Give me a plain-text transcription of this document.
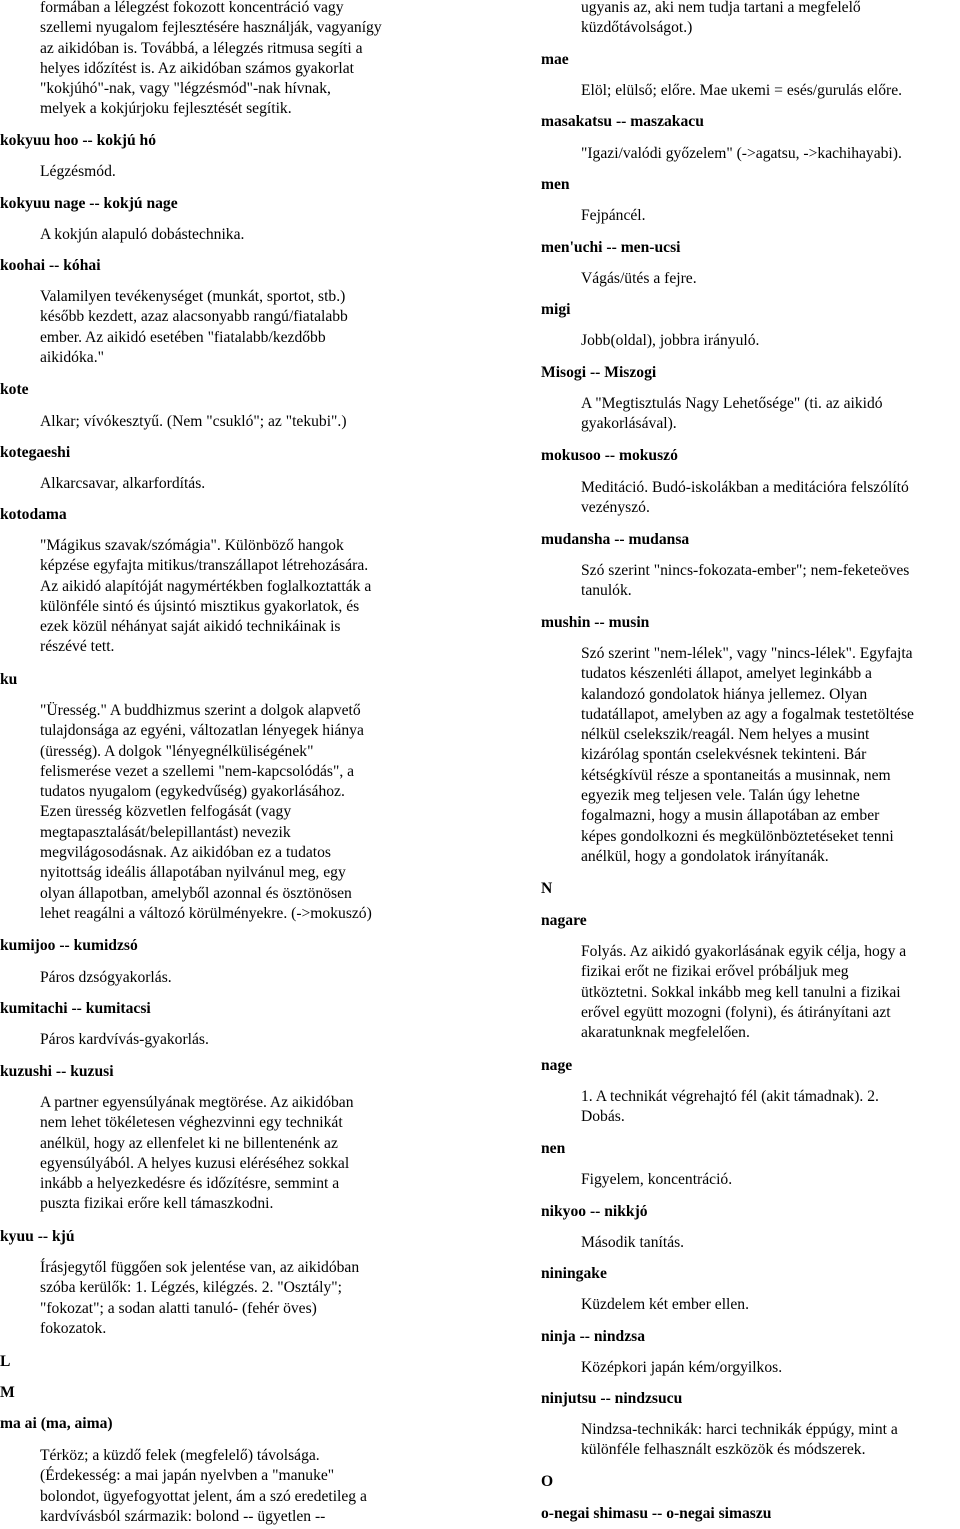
formában a lélegzést fokozott koncentráció vagy
szellemi nyugalom fejlesztésére használják, vagyanígy
az aikidóban is. Továbbá, a lélegzés ritmusa segíti a
helyes időzítést is. Az aikidóban számos gyakorlat
"kokjúhó"-nak, vagy "légzésmód"-nak hívnak,
melyek a kokjúrjoku fejlesztését segítik.

kokyuu hoo -- kokjú hó

Légzésmód.

kokyuu nage -- kokjú nage

A kokjún alapuló dobástechnika.

koohai -- kóhai

Valamilyen tevékenységet (munkát, sportot, stb.)
később kezdett, azaz alacsonyabb rangú/fiatalabb
ember. Az aikidó esetében "fiatalabb/kezdőbb
aikidóka."

kote

Alkar; vívókesztyű. (Nem "csukló"; az "tekubi".)

kotegaeshi

Alkarcsavar, alkarfordítás.

kotodama

"Mágikus szavak/szómágia". Különböző hangok
képzése egyfajta mitikus/transzállapot létrehozására.
Az aikidó alapítóját nagymértékben foglalkoztatták a
különféle sintó és újsintó misztikus gyakorlatok, és
ezek közül néhányat saját aikidó technikáinak is
részévé tett.

ku

"Üresség." A buddhizmus szerint a dolgok alapvető
tulajdonsága az egyéni, változatlan lényegek hiánya
(üresség). A dolgok "lényegnélküliségének"
felismerése vezet a szellemi "nem-kapcsolódás", a
tudatos nyugalom (egykedvűség) gyakorlásához.
Ezen üresség közvetlen felfogását (vagy
megtapasztalását/belepillantást) nevezik
megvilágosodásnak. Az aikidóban ez a tudatos
nyitottság ideális állapotában nyilvánul meg, egy
olyan állapotban, amelyből azonnal és ösztönösen
lehet reagálni a változó körülményekre. (->mokuszó)

kumijoo -- kumidzsó

Páros dzsógyakorlás.

kumitachi -- kumitacsi

Páros kardvívás-gyakorlás.

kuzushi -- kuzusi

A partner egyensúlyának megtörése. Az aikidóban
nem lehet tökéletesen véghezvinni egy technikát
anélkül, hogy az ellenfelet ki ne billentenénk az
egyensúlyából. A helyes kuzusi eléréséhez sokkal
inkább a helyezkedésre és időzítésre, semmint a
puszta fizikai erőre kell támaszkodni.

kyuu -- kjú

Írásjegytől függően sok jelentése van, az aikidóban
szóba kerülők: 1. Légzés, kilégzés. 2. "Osztály";
"fokozat"; a sodan alatti tanuló- (fehér öves)
fokozatok.

L

M

ma ai (ma, aima)

Térköz; a küzdő felek (megfelelő) távolsága.
(Érdekesség: a mai japán nyelvben a "manuke"
bolondot, ügyefogyottat jelent, ám a szó eredetileg a
kardvívásból származik: bolond -- ügyetlen --

ugyanis az, aki nem tudja tartani a megfelelő
küzdőtávolságot.)

mae

Elöl; elülső; előre. Mae ukemi = esés/gurulás előre.

masakatsu -- maszakacu

"Igazi/valódi győzelem" (->agatsu, ->kachihayabi).

men

Fejpáncél.

men'uchi -- men-ucsi

Vágás/ütés a fejre.

migi

Jobb(oldal), jobbra irányuló.

Misogi -- Miszogi

A "Megtisztulás Nagy Lehetősége" (ti. az aikidó
gyakorlásával).

mokusoo -- mokuszó

Meditáció. Budó-iskolákban a meditációra felszólító
vezényszó.

mudansha -- mudansa

Szó szerint "nincs-fokozata-ember"; nem-feketeöves
tanulók.

mushin -- musin

Szó szerint "nem-lélek", vagy "nincs-lélek". Egyfajta
tudatos készenléti állapot, amelyet leginkább a
kalandozó gondolatok hiánya jellemez. Olyan
tudatállapot, amelyben az agy a fogalmak testetöltése
nélkül cselekszik/reagál. Nem helyes a musint
kizárólag spontán cselekvésnek tekinteni. Bár
kétségkívül része a spontaneitás a musinnak, nem
egyezik meg teljesen vele. Talán úgy lehetne
fogalmazni, hogy a musin állapotában az ember
képes gondolkozni és megkülönböztetéseket tenni
anélkül, hogy a gondolatok irányítanák.

N

nagare

Folyás. Az aikidó gyakorlásának egyik célja, hogy a
fizikai erőt ne fizikai erővel próbáljuk meg
ütköztetni. Sokkal inkább meg kell tanulni a fizikai
erővel együtt mozogni (folyni), és átirányítani azt
akaratunknak megfelelően.

nage

1. A technikát végrehajtó fél (akit támadnak). 2.
Dobás.

nen

Figyelem, koncentráció.

nikyoo -- nikkjó

Második tanítás.

niningake

Küzdelem két ember ellen.

ninja -- nindzsa

Középkori japán kém/orgyilkos.

ninjutsu -- nindzsucu

Nindzsa-technikák: harci technikák éppúgy, mint a
különféle felhasznált eszközök és módszerek.

O

o-negai shimasu -- o-negai simaszu
